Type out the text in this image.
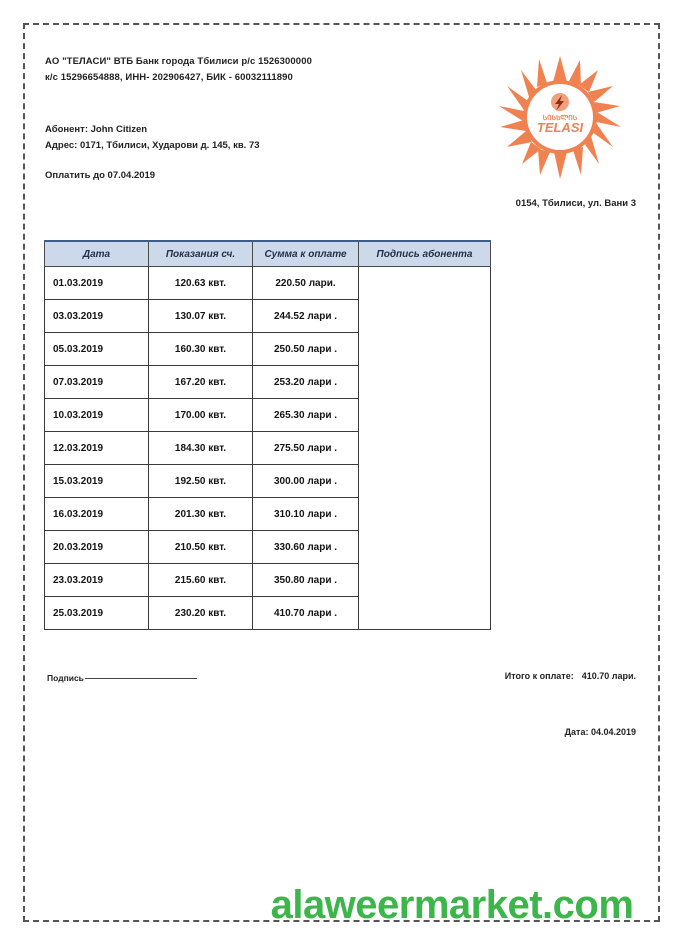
АО "ТЕЛАСИ" ВТБ Банк города Тбилиси р/с 1526300000
к/с 15296654888, ИНН- 202906427, БИК - 60032111890
Абонент: John Citizen
Адрес: 0171, Тбилиси, Хударови д. 145, кв. 73
Оплатить до 07.04.2019
0154, Тбилиси, ул. Вани 3
ᲡᲘᲡᲮᲚᲘᲡ
TELASI
Дата	Показания сч.	Сумма к оплате	Подпись абонента
01.03.2019	120.63 квт.	220.50 лари.	
03.03.2019	130.07 квт.	244.52 лари .	
05.03.2019	160.30 квт.	250.50 лари .	
07.03.2019	167.20 квт.	253.20 лари .	
10.03.2019	170.00 квт.	265.30 лари .	
12.03.2019	184.30 квт.	275.50 лари .	
15.03.2019	192.50 квт.	300.00 лари .	
16.03.2019	201.30 квт.	310.10 лари .	
20.03.2019	210.50 квт.	330.60 лари .	
23.03.2019	215.60 квт.	350.80 лари .	
25.03.2019	230.20 квт.	410.70 лари .	
Подпись	Итого к оплате: 410.70 лари.
Дата: 04.04.2019
alaweermarket.com
